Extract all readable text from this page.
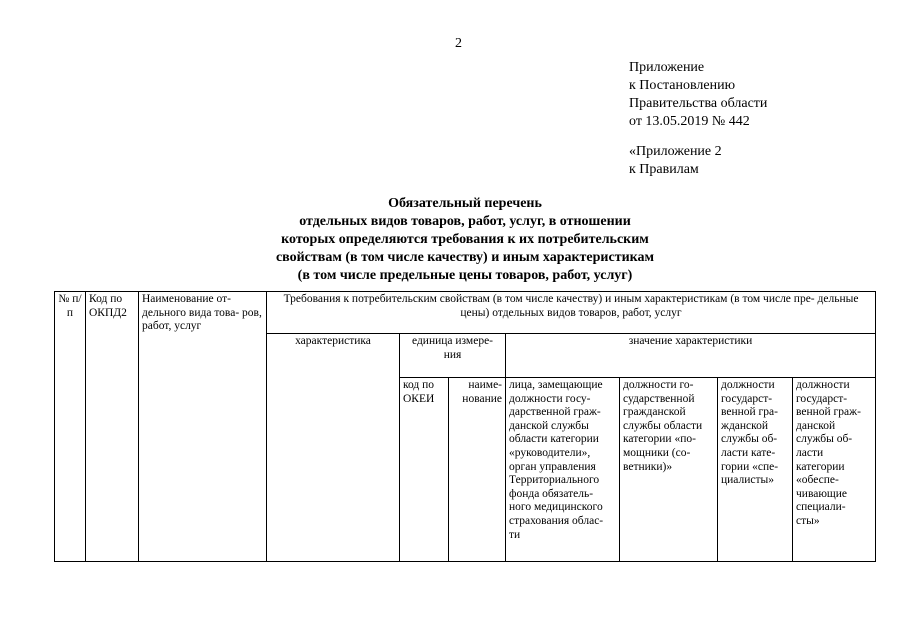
2
Приложение
к Постановлению
Правительства области
от 13.05.2019 № 442
«Приложение 2
к Правилам
Обязательный перечень
отдельных видов товаров, работ, услуг, в отношении
которых определяются требования к их потребительским
свойствам (в том числе качеству) и иным характеристикам
(в том числе предельные цены товаров, работ, услуг)
№ п/п	Код по ОКПД2	Наименование от- дельного вида това- ров, работ, услуг	Требования к потребительским свойствам (в том числе качеству) и иным характеристикам (в том числе пре- дельные цены) отдельных видов товаров, работ, услуг						
			характеристика	единица измере- ния		значение характеристики			
				код по ОКЕИ	наиме- нование	лица, замещающие должности госу- дарственной граж- данской службы области категории «руководители», орган управления Территориального фонда обязатель- ного медицинского страхования облас- ти	должности го- сударственной гражданской службы области категории «по- мощники (со- ветники)»	должности государст- венной гра- жданской службы об- ласти кате- гории «спе- циалисты»	должности государст- венной граж- данской службы об- ласти категории «обеспе- чивающие специали- сты»
